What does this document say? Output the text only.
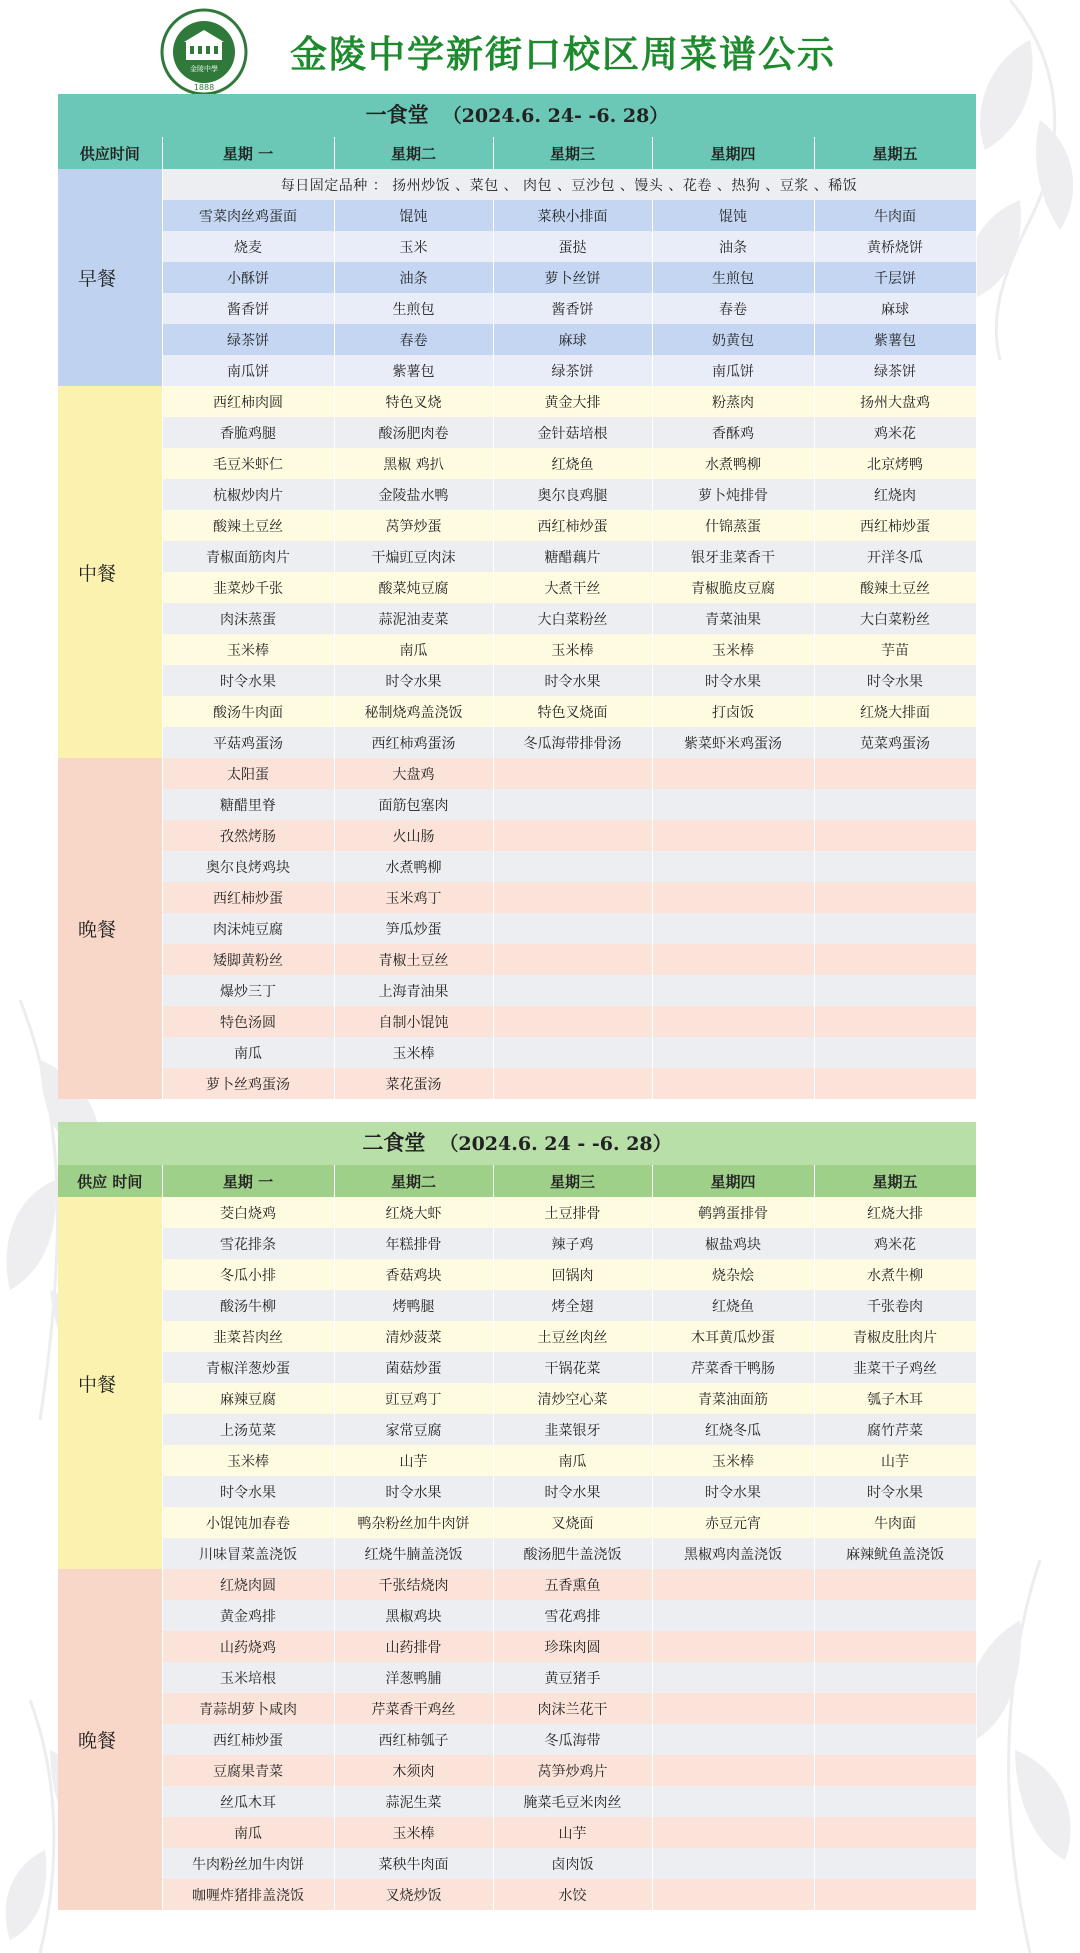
金陵中學
1888
金陵中学新街口校区周菜谱公示
一食堂 （2024.6. 24- -6. 28）
供应时间	星期 一	星期二	星期三	星期四	星期五
早餐	每日固定品种 ： 扬州炒饭 、菜包 、 肉包 、豆沙包 、馒头 、花卷 、热狗 、豆浆 、稀饭				
	雪菜肉丝鸡蛋面	馄饨	菜秧小排面	馄饨	牛肉面
	烧麦	玉米	蛋挞	油条	黄桥烧饼
	小酥饼	油条	萝卜丝饼	生煎包	千层饼
	酱香饼	生煎包	酱香饼	春卷	麻球
	绿茶饼	春卷	麻球	奶黄包	紫薯包
	南瓜饼	紫薯包	绿茶饼	南瓜饼	绿茶饼
中餐	西红柿肉圆	特色叉烧	黄金大排	粉蒸肉	扬州大盘鸡
	香脆鸡腿	酸汤肥肉卷	金针菇培根	香酥鸡	鸡米花
	毛豆米虾仁	黑椒 鸡扒	红烧鱼	水煮鸭柳	北京烤鸭
	杭椒炒肉片	金陵盐水鸭	奥尔良鸡腿	萝卜炖排骨	红烧肉
	酸辣土豆丝	莴笋炒蛋	西红柿炒蛋	什锦蒸蛋	西红柿炒蛋
	青椒面筋肉片	干煸豇豆肉沫	糖醋藕片	银牙韭菜香干	开洋冬瓜
	韭菜炒千张	酸菜炖豆腐	大煮干丝	青椒脆皮豆腐	酸辣土豆丝
	肉沫蒸蛋	蒜泥油麦菜	大白菜粉丝	青菜油果	大白菜粉丝
	玉米棒	南瓜	玉米棒	玉米棒	芋苗
	时令水果	时令水果	时令水果	时令水果	时令水果
	酸汤牛肉面	秘制烧鸡盖浇饭	特色叉烧面	打卤饭	红烧大排面
	平菇鸡蛋汤	西红柿鸡蛋汤	冬瓜海带排骨汤	紫菜虾米鸡蛋汤	苋菜鸡蛋汤
晚餐	太阳蛋	大盘鸡			
	糖醋里脊	面筋包塞肉			
	孜然烤肠	火山肠			
	奥尔良烤鸡块	水煮鸭柳			
	西红柿炒蛋	玉米鸡丁			
	肉沫炖豆腐	笋瓜炒蛋			
	矮脚黄粉丝	青椒土豆丝			
	爆炒三丁	上海青油果			
	特色汤圆	自制小馄饨			
	南瓜	玉米棒			
	萝卜丝鸡蛋汤	菜花蛋汤			
二食堂 （2024.6. 24 - -6. 28）
供应 时间	星期 一	星期二	星期三	星期四	星期五
中餐	茭白烧鸡	红烧大虾	土豆排骨	鹌鹑蛋排骨	红烧大排
	雪花排条	年糕排骨	辣子鸡	椒盐鸡块	鸡米花
	冬瓜小排	香菇鸡块	回锅肉	烧杂烩	水煮牛柳
	酸汤牛柳	烤鸭腿	烤全翅	红烧鱼	千张卷肉
	韭菜苔肉丝	清炒菠菜	土豆丝肉丝	木耳黄瓜炒蛋	青椒皮肚肉片
	青椒洋葱炒蛋	菌菇炒蛋	干锅花菜	芹菜香干鸭肠	韭菜干子鸡丝
	麻辣豆腐	豇豆鸡丁	清炒空心菜	青菜油面筋	瓠子木耳
	上汤苋菜	家常豆腐	韭菜银牙	红烧冬瓜	腐竹芹菜
	玉米棒	山芋	南瓜	玉米棒	山芋
	时令水果	时令水果	时令水果	时令水果	时令水果
	小馄饨加春卷	鸭杂粉丝加牛肉饼	叉烧面	赤豆元宵	牛肉面
	川味冒菜盖浇饭	红烧牛腩盖浇饭	酸汤肥牛盖浇饭	黑椒鸡肉盖浇饭	麻辣鱿鱼盖浇饭
晚餐	红烧肉圆	千张结烧肉	五香熏鱼		
	黄金鸡排	黑椒鸡块	雪花鸡排		
	山药烧鸡	山药排骨	珍珠肉圆		
	玉米培根	洋葱鸭脯	黄豆猪手		
	青蒜胡萝卜咸肉	芹菜香干鸡丝	肉沫兰花干		
	西红柿炒蛋	西红柿瓠子	冬瓜海带		
	豆腐果青菜	木须肉	莴笋炒鸡片		
	丝瓜木耳	蒜泥生菜	腌菜毛豆米肉丝		
	南瓜	玉米棒	山芋		
	牛肉粉丝加牛肉饼	菜秧牛肉面	卤肉饭		
	咖喱炸猪排盖浇饭	叉烧炒饭	水饺		
